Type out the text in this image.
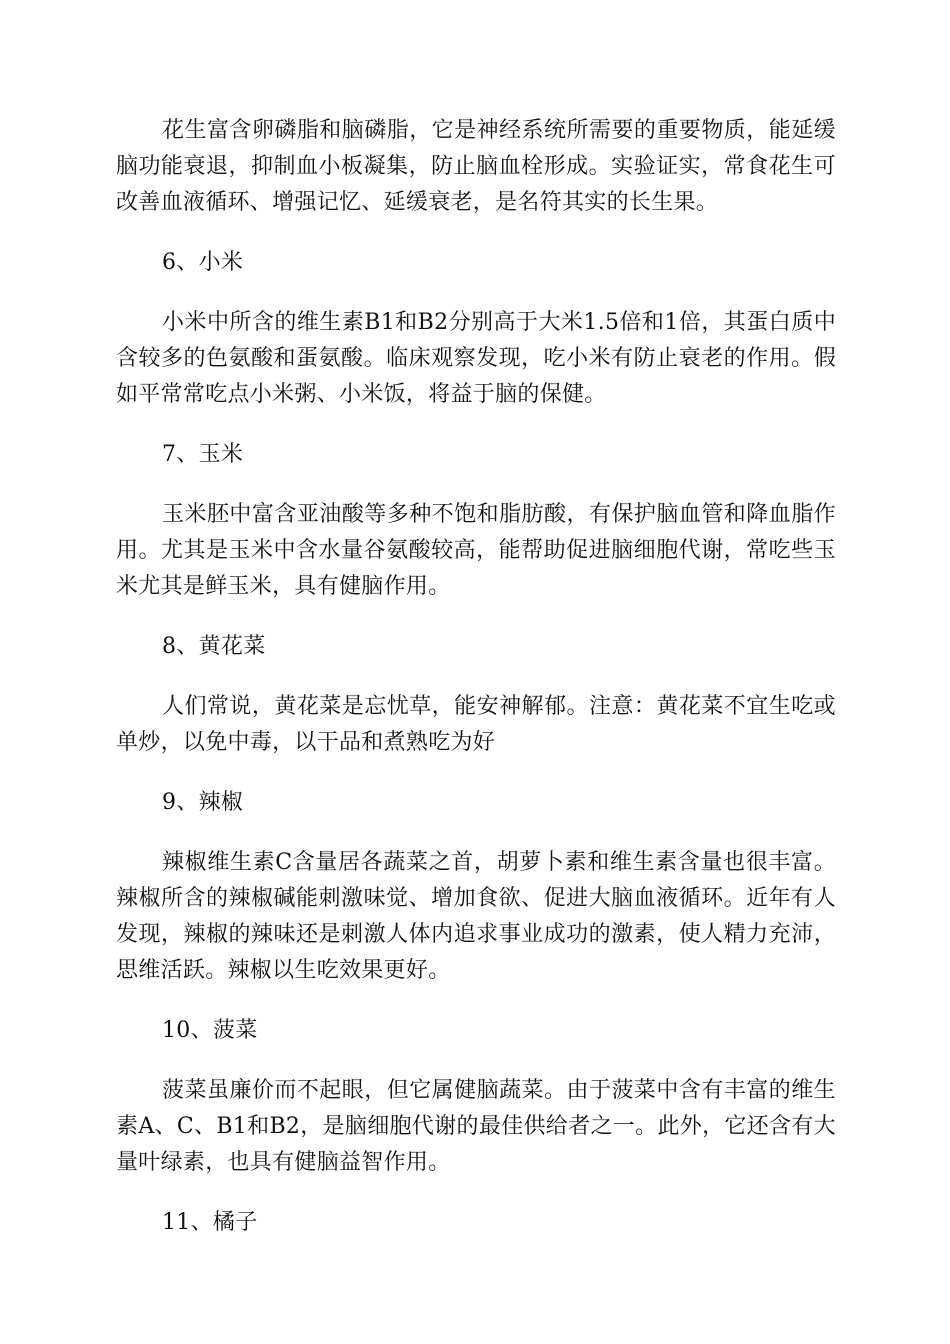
花生富含卵磷脂和脑磷脂，它是神经系统所需要的重要物质，能延缓脑功能衰退，抑制血小板凝集，防止脑血栓形成。实验证实，常食花生可改善血液循环、增强记忆、延缓衰老，是名符其实的长生果。

6、小米

小米中所含的维生素B1和B2分别高于大米1.5倍和1倍，其蛋白质中含较多的色氨酸和蛋氨酸。临床观察发现，吃小米有防止衰老的作用。假如平常常吃点小米粥、小米饭，将益于脑的保健。

7、玉米

玉米胚中富含亚油酸等多种不饱和脂肪酸，有保护脑血管和降血脂作用。尤其是玉米中含水量谷氨酸较高，能帮助促进脑细胞代谢，常吃些玉米尤其是鲜玉米，具有健脑作用。

8、黄花菜

人们常说，黄花菜是忘忧草，能安神解郁。注意：黄花菜不宜生吃或单炒，以免中毒，以干品和煮熟吃为好

9、辣椒

辣椒维生素C含量居各蔬菜之首，胡萝卜素和维生素含量也很丰富。辣椒所含的辣椒碱能刺激味觉、增加食欲、促进大脑血液循环。近年有人发现，辣椒的辣味还是刺激人体内追求事业成功的激素，使人精力充沛，思维活跃。辣椒以生吃效果更好。

10、菠菜

菠菜虽廉价而不起眼，但它属健脑蔬菜。由于菠菜中含有丰富的维生素A、C、B1和B2，是脑细胞代谢的最佳供给者之一。此外，它还含有大量叶绿素，也具有健脑益智作用。

11、橘子
